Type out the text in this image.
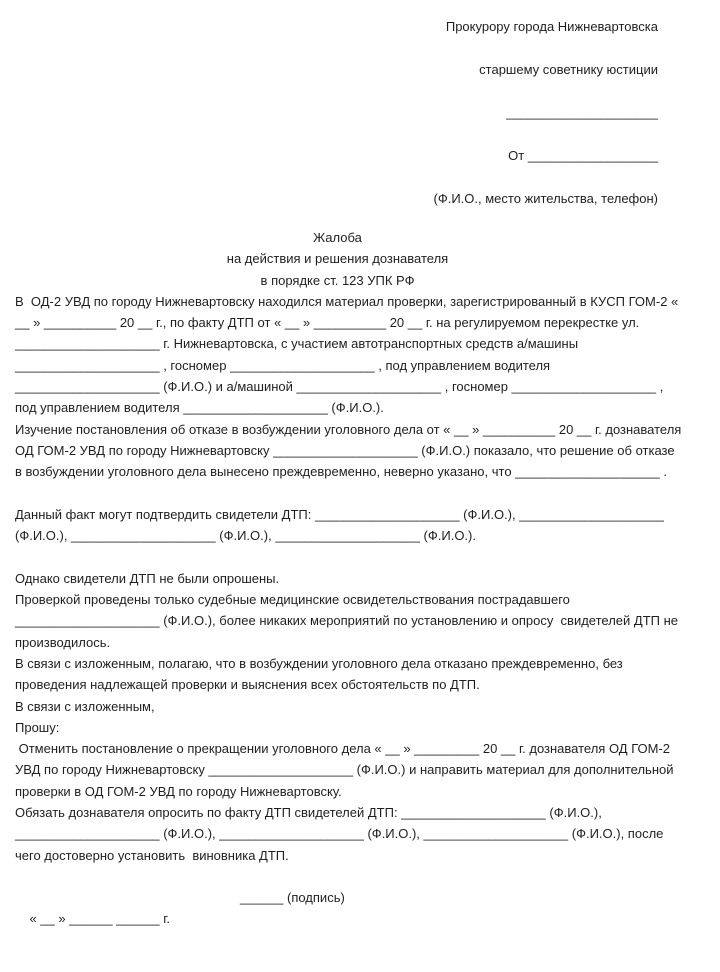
Прокурору города Нижневартовска
старшему советнику юстиции
_____________________
От __________________
(Ф.И.О., место жительства, телефон)
Жалоба
на действия и решения дознавателя
в порядке ст. 123 УПК РФ
В  ОД-2 УВД по городу Нижневартовску находился материал проверки, зарегистрированный в КУСП ГОМ-2 «
__ » __________ 20 __ г., по факту ДТП от « __ » __________ 20 __ г. на регулируемом перекрестке ул.
____________________ г. Нижневартовска, с участием автотранспортных средств а/машины
____________________ , госномер ____________________ , под управлением водителя
____________________ (Ф.И.О.) и а/машиной ____________________ , госномер ____________________ ,
под управлением водителя ____________________ (Ф.И.О.).
Изучение постановления об отказе в возбуждении уголовного дела от « __ » __________ 20 __ г. дознавателя
ОД ГОМ-2 УВД по городу Нижневартовску ____________________ (Ф.И.О.) показало, что решение об отказе
в возбуждении уголовного дела вынесено преждевременно, неверно указано, что ____________________ .
Данный факт могут подтвердить свидетели ДТП: ____________________ (Ф.И.О.), ____________________
(Ф.И.О.), ____________________ (Ф.И.О.), ____________________ (Ф.И.О.).
Однако свидетели ДТП не были опрошены.
Проверкой проведены только судебные медицинские освидетельствования пострадавшего
____________________ (Ф.И.О.), более никаких мероприятий по установлению и опросу  свидетелей ДТП не
производилось.
В связи с изложенным, полагаю, что в возбуждении уголовного дела отказано преждевременно, без
проведения надлежащей проверки и выяснения всех обстоятельств по ДТП.
В связи с изложенным,
Прошу:
Отменить постановление о прекращении уголовного дела « __ » _________ 20 __ г. дознавателя ОД ГОМ-2
УВД по городу Нижневартовску ____________________ (Ф.И.О.) и направить материал для дополнительной
проверки в ОД ГОМ-2 УВД по городу Нижневартовску.
Обязать дознавателя опросить по факту ДТП свидетелей ДТП: ____________________ (Ф.И.О.),
____________________ (Ф.И.О.), ____________________ (Ф.И.О.), ____________________ (Ф.И.О.), после
чего достоверно установить  виновника ДТП.

« __ » ______ ______ г.

______ (подпись)
